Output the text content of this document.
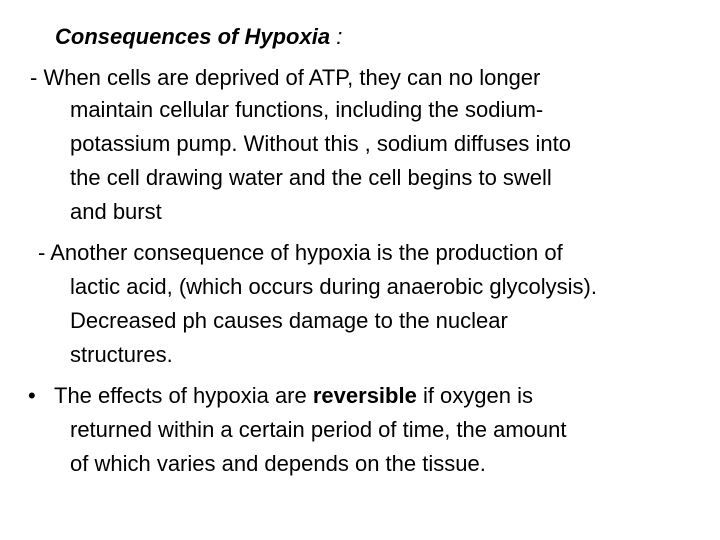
Consequences of Hypoxia :
- When cells are deprived of ATP, they can no longer
maintain cellular functions, including the sodium-
potassium pump. Without this , sodium diffuses into
the cell drawing water and the cell begins to swell
and burst
- Another consequence of hypoxia is the production of
lactic acid, (which occurs during anaerobic glycolysis).
Decreased ph causes damage to the nuclear
structures.
• The effects of hypoxia are reversible if oxygen is
returned within a certain period of time, the amount
of which varies and depends on the tissue.
